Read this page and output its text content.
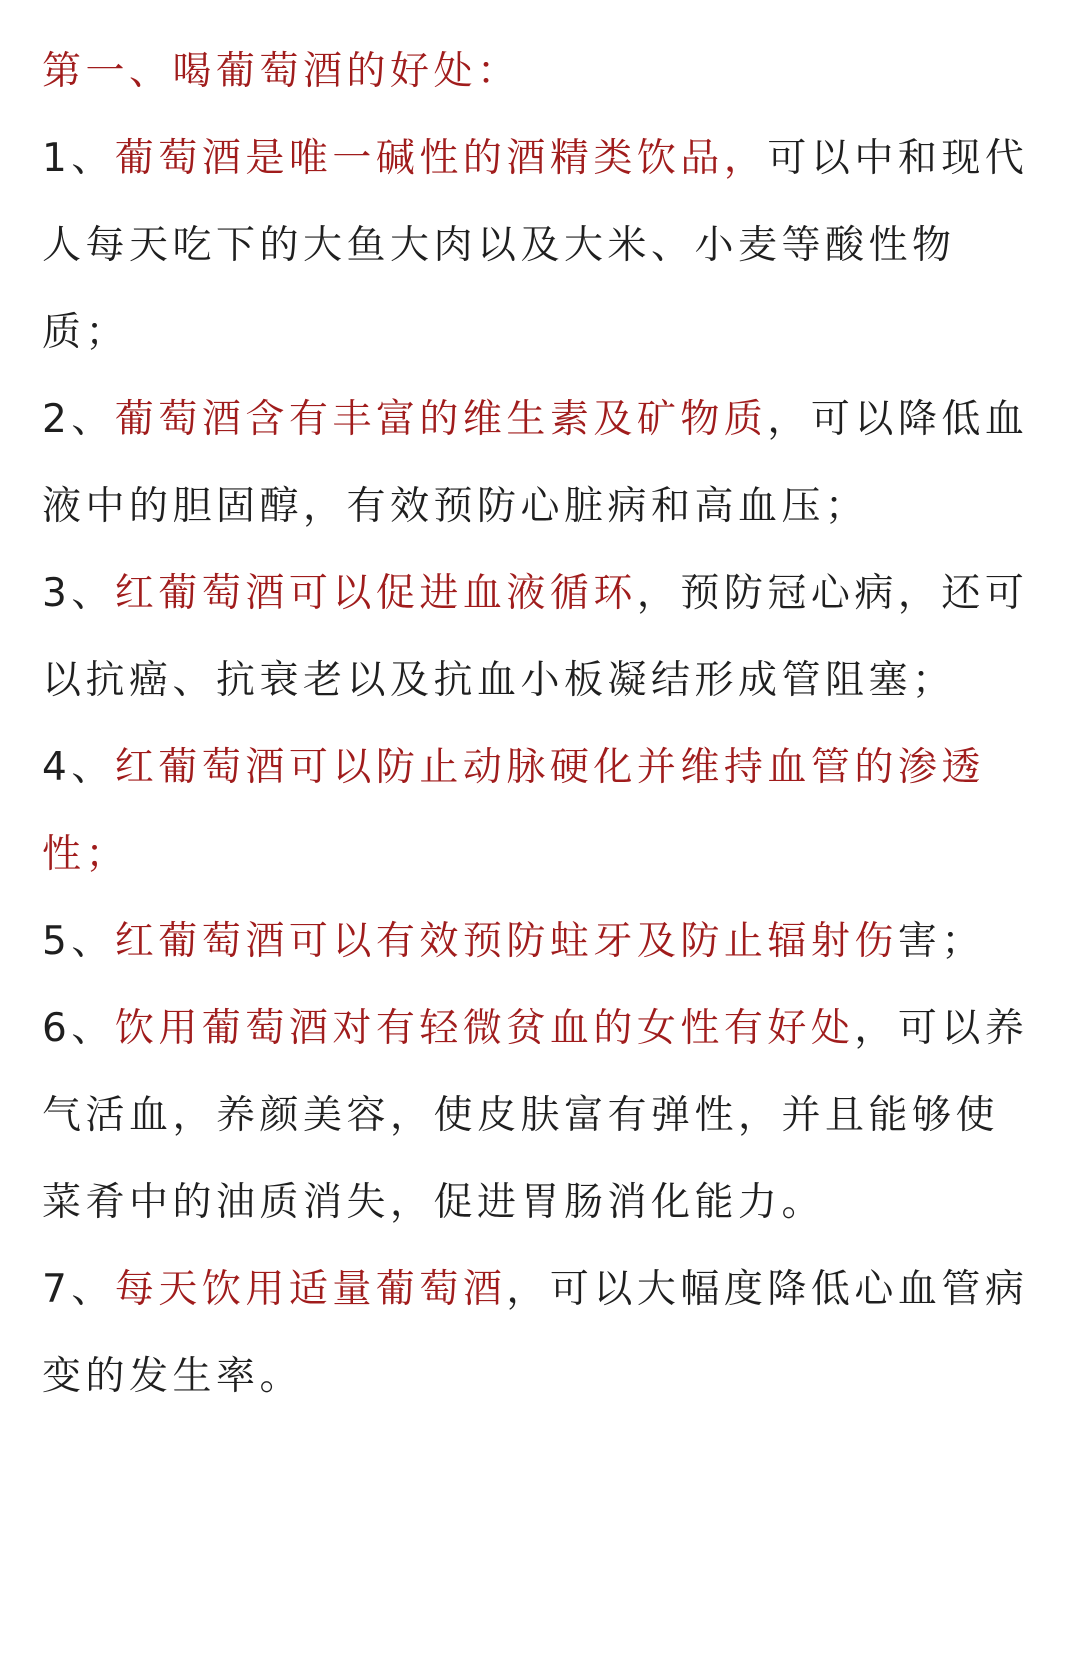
第一、喝葡萄酒的好处：

1、葡萄酒是唯一碱性的酒精类饮品，可以中和现代人每天吃下的大鱼大肉以及大米、小麦等酸性物质；

2、葡萄酒含有丰富的维生素及矿物质，可以降低血液中的胆固醇，有效预防心脏病和高血压；

3、红葡萄酒可以促进血液循环，预防冠心病，还可以抗癌、抗衰老以及抗血小板凝结形成管阻塞；

4、红葡萄酒可以防止动脉硬化并维持血管的渗透性；

5、红葡萄酒可以有效预防蛀牙及防止辐射伤害；

6、饮用葡萄酒对有轻微贫血的女性有好处，可以养气活血，养颜美容，使皮肤富有弹性，并且能够使菜肴中的油质消失，促进胃肠消化能力。

7、每天饮用适量葡萄酒，可以大幅度降低心血管病变的发生率。
